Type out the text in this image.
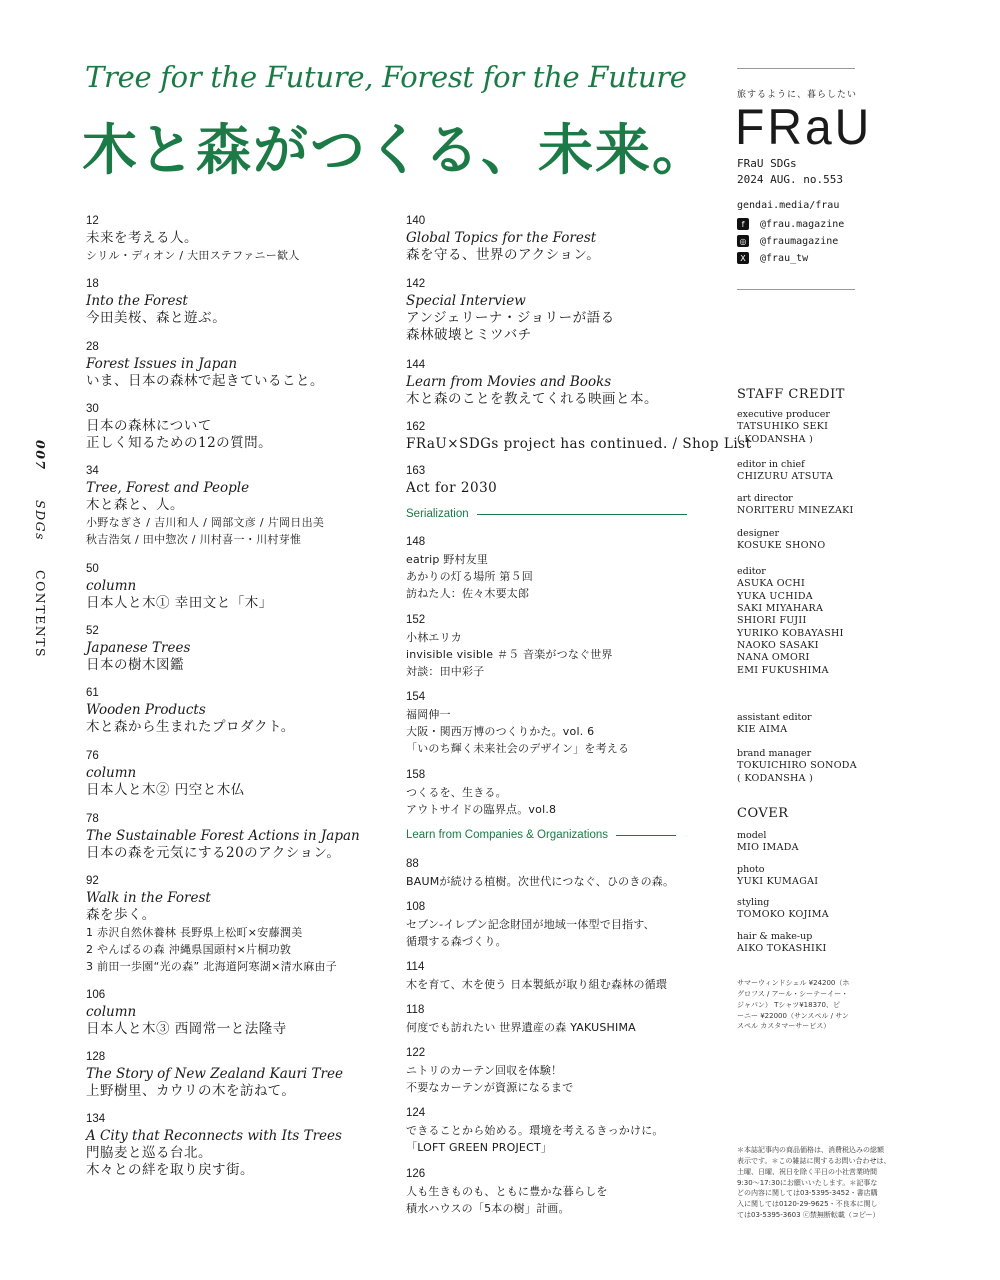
Tree for the Future, Forest for the Future
木と森がつくる、未来。
007  SDGs  CONTENTS
12
未来を考える人。
シリル・ディオン / 大田ステファニー歓人
18
Into the Forest
今田美桜、森と遊ぶ。
28
Forest Issues in Japan
いま、日本の森林で起きていること。
30
日本の森林について
正しく知るための12の質問。
34
Tree, Forest and People
木と森と、人。
小野なぎさ / 吉川和人 / 岡部文彦 / 片岡日出美
秋吉浩気 / 田中惣次 / 川村喜一・川村芽惟
50
column
日本人と木① 幸田文と「木」
52
Japanese Trees
日本の樹木図鑑
61
Wooden Products
木と森から生まれたプロダクト。
76
column
日本人と木② 円空と木仏
78
The Sustainable Forest Actions in Japan
日本の森を元気にする20のアクション。
92
Walk in the Forest
森を歩く。
1 赤沢自然休養林 長野県上松町×安藤潤美
2 やんばるの森 沖縄県国頭村×片桐功敦
3 前田一歩園“光の森” 北海道阿寒湖×清水麻由子
106
column
日本人と木③ 西岡常一と法隆寺
128
The Story of New Zealand Kauri Tree
上野樹里、カウリの木を訪ねて。
134
A City that Reconnects with Its Trees
門脇麦と巡る台北。
木々との絆を取り戻す街。
140
Global Topics for the Forest
森を守る、世界のアクション。
142
Special Interview
アンジェリーナ・ジョリーが語る
森林破壊とミツバチ
144
Learn from Movies and Books
木と森のことを教えてくれる映画と本。
162
FRaU×SDGs project has continued. / Shop List
163
Act for 2030
Serialization
148
eatrip 野村友里
あかりの灯る場所 第５回
訪ねた人：佐々木要太郎
152
小林エリカ
invisible visible ＃５ 音楽がつなぐ世界
対談：田中彩子
154
福岡伸一
大阪・関西万博のつくりかた。vol. 6
「いのち輝く未来社会のデザイン」を考える
158
つくるを、生きる。
アウトサイドの臨界点。vol.8
Learn from Companies & Organizations
88
BAUMが続ける植樹。次世代につなぐ、ひのきの森。
108
セブン-イレブン記念財団が地域一体型で目指す、
循環する森づくり。
114
木を育て、木を使う 日本製紙が取り組む森林の循環
118
何度でも訪れたい 世界遺産の森 YAKUSHIMA
122
ニトリのカーテン回収を体験！
不要なカーテンが資源になるまで
124
できることから始める。環境を考えるきっかけに。
「LOFT GREEN PROJECT」
126
人も生きものも、ともに豊かな暮らしを
積水ハウスの「5本の樹」計画。
旅するように、暮らしたい
FRaU
FRaU SDGs
2024 AUG. no.553
gendai.media/frau
f	@frau.magazine
◎ @fraumagazine
X	@frau_tw
STAFF CREDIT
executive producer
TATSUHIKO SEKI
( KODANSHA )
editor in chief
CHIZURU ATSUTA
art director
NORITERU MINEZAKI
designer
KOSUKE SHONO
editor
ASUKA OCHI
YUKA UCHIDA
SAKI MIYAHARA
SHIORI FUJII
YURIKO KOBAYASHI
NAOKO SASAKI
NANA OMORI
EMI FUKUSHIMA
assistant editor
KIE AIMA
brand manager
TOKUICHIRO SONODA
( KODANSHA )
COVER
model
MIO IMADA
photo
YUKI KUMAGAI
styling
TOMOKO KOJIMA
hair & make-up
AIKO TOKASHIKI
サマーウィンドシェル ¥24200（ホ
グロフス / アール・シーテーイー・
ジャパン） Tシャツ¥18370、ピ
ーニー ¥22000（サンスペル / サン
スペル カスタマーサービス）
＊本誌記事内の商品価格は、消費税込みの総額
表示です。＊この雑誌に関するお問い合わせは、
土曜、日曜、祝日を除く平日の小社営業時間
9:30〜17:30にお願いいたします。＊記事な
どの内容に関しては03-5395-3452・書店購
入に関しては0120-29-9625・不良本に関し
ては03-5395-3603 ⓒ禁無断転載（コピー）
